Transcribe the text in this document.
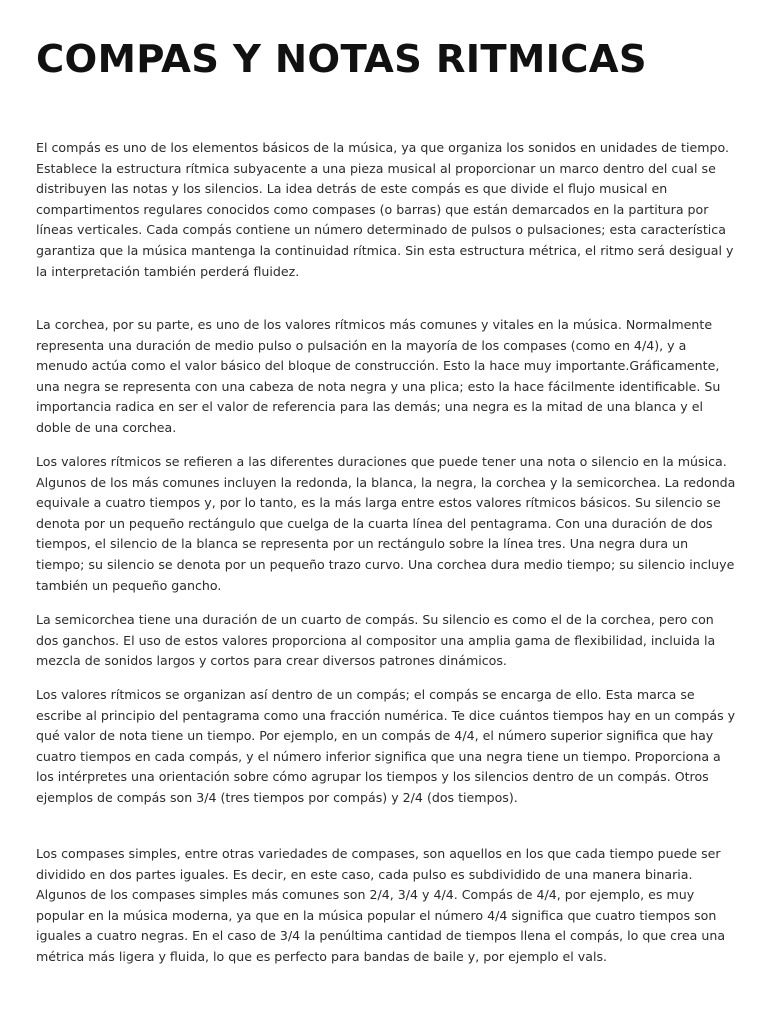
COMPAS Y NOTAS RITMICAS

El compás es uno de los elementos básicos de la música, ya que organiza los sonidos en unidades de tiempo. Establece la estructura rítmica subyacente a una pieza musical al proporcionar un marco dentro del cual se distribuyen las notas y los silencios. La idea detrás de este compás es que divide el flujo musical en compartimentos regulares conocidos como compases (o barras) que están demarcados en la partitura por líneas verticales. Cada compás contiene un número determinado de pulsos o pulsaciones; esta característica garantiza que la música mantenga la continuidad rítmica. Sin esta estructura métrica, el ritmo será desigual y la interpretación también perderá fluidez.

La corchea, por su parte, es uno de los valores rítmicos más comunes y vitales en la música. Normalmente representa una duración de medio pulso o pulsación en la mayoría de los compases (como en 4/4), y a menudo actúa como el valor básico del bloque de construcción. Esto la hace muy importante.Gráficamente, una negra se representa con una cabeza de nota negra y una plica; esto la hace fácilmente identificable. Su importancia radica en ser el valor de referencia para las demás; una negra es la mitad de una blanca y el doble de una corchea.

Los valores rítmicos se refieren a las diferentes duraciones que puede tener una nota o silencio en la música. Algunos de los más comunes incluyen la redonda, la blanca, la negra, la corchea y la semicorchea. La redonda equivale a cuatro tiempos y, por lo tanto, es la más larga entre estos valores rítmicos básicos. Su silencio se denota por un pequeño rectángulo que cuelga de la cuarta línea del pentagrama. Con una duración de dos tiempos, el silencio de la blanca se representa por un rectángulo sobre la línea tres. Una negra dura un tiempo; su silencio se denota por un pequeño trazo curvo. Una corchea dura medio tiempo; su silencio incluye también un pequeño gancho.

La semicorchea tiene una duración de un cuarto de compás. Su silencio es como el de la corchea, pero con dos ganchos. El uso de estos valores proporciona al compositor una amplia gama de flexibilidad, incluida la mezcla de sonidos largos y cortos para crear diversos patrones dinámicos.

Los valores rítmicos se organizan así dentro de un compás; el compás se encarga de ello. Esta marca se escribe al principio del pentagrama como una fracción numérica. Te dice cuántos tiempos hay en un compás y qué valor de nota tiene un tiempo. Por ejemplo, en un compás de 4/4, el número superior significa que hay cuatro tiempos en cada compás, y el número inferior significa que una negra tiene un tiempo. Proporciona a los intérpretes una orientación sobre cómo agrupar los tiempos y los silencios dentro de un compás. Otros ejemplos de compás son 3/4 (tres tiempos por compás) y 2/4 (dos tiempos).

Los compases simples, entre otras variedades de compases, son aquellos en los que cada tiempo puede ser dividido en dos partes iguales. Es decir, en este caso, cada pulso es subdividido de una manera binaria. Algunos de los compases simples más comunes son 2/4, 3/4 y 4/4. Compás de 4/4, por ejemplo, es muy popular en la música moderna, ya que en la música popular el número 4/4 significa que cuatro tiempos son iguales a cuatro negras. En el caso de 3/4 la penúltima cantidad de tiempos llena el compás, lo que crea una métrica más ligera y fluida, lo que es perfecto para bandas de baile y, por ejemplo el vals.
